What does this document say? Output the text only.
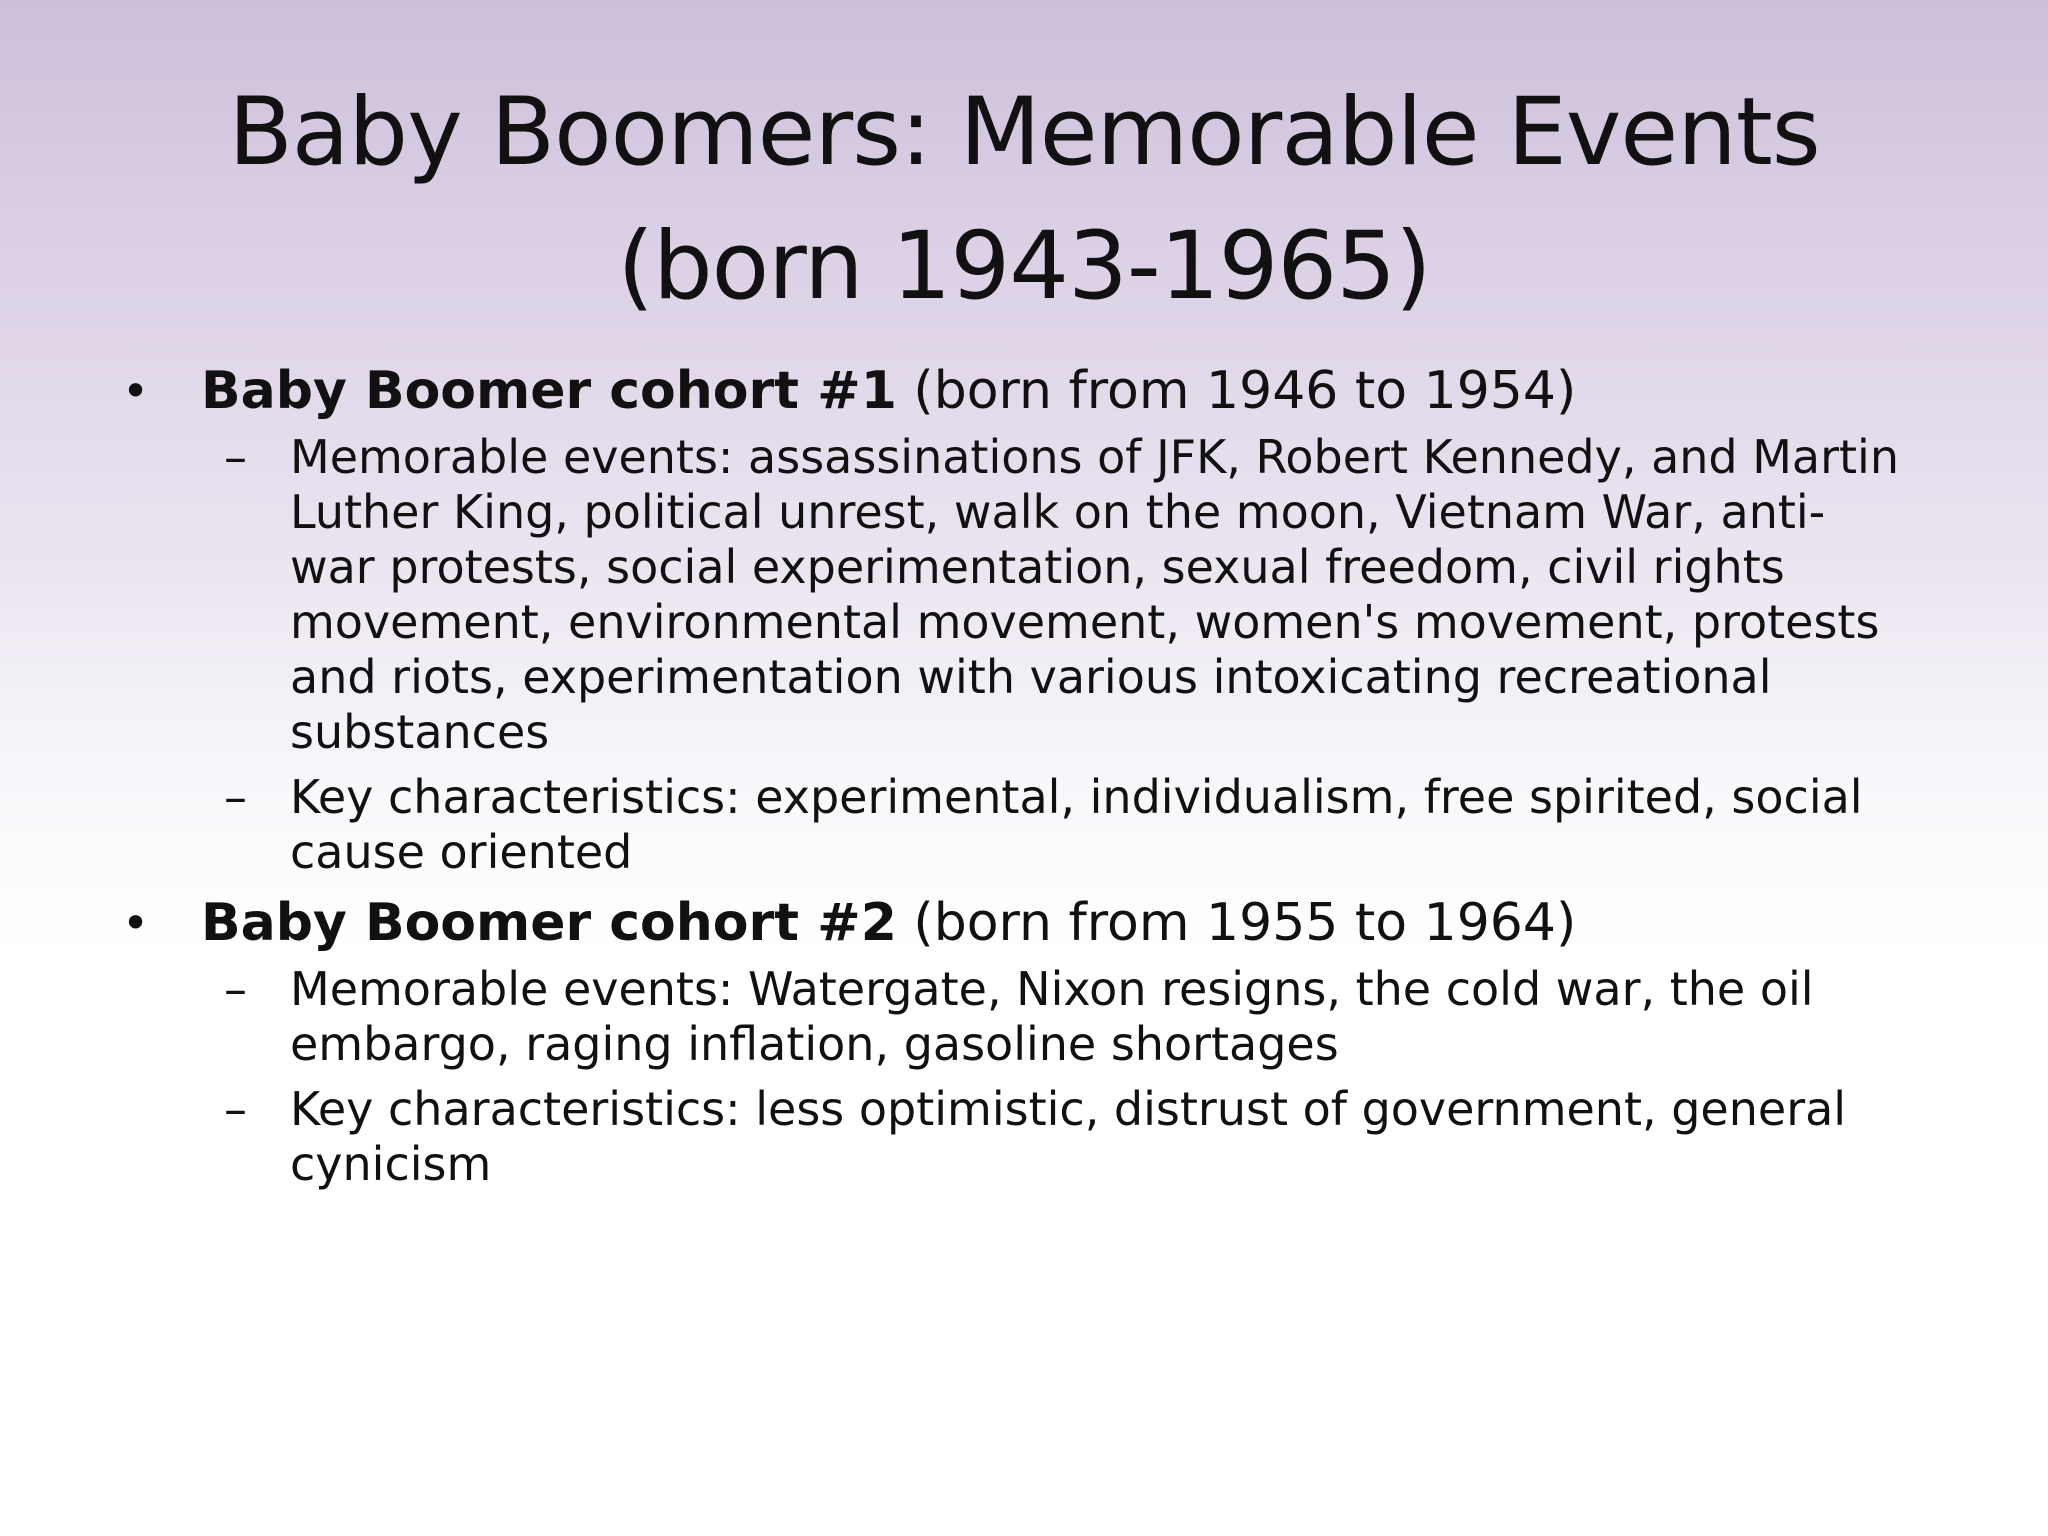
Baby Boomers: Memorable Events
(born 1943-1965)

• Baby Boomer cohort #1 (born from 1946 to 1954)

– Memorable events: assassinations of JFK, Robert Kennedy, and Martin Luther King, political unrest, walk on the moon, Vietnam War, anti-war protests, social experimentation, sexual freedom, civil rights movement, environmental movement, women's movement, protests and riots, experimentation with various intoxicating recreational substances

– Key characteristics: experimental, individualism, free spirited, social cause oriented

• Baby Boomer cohort #2 (born from 1955 to 1964)

– Memorable events: Watergate, Nixon resigns, the cold war, the oil embargo, raging inflation, gasoline shortages

– Key characteristics: less optimistic, distrust of government, general cynicism
